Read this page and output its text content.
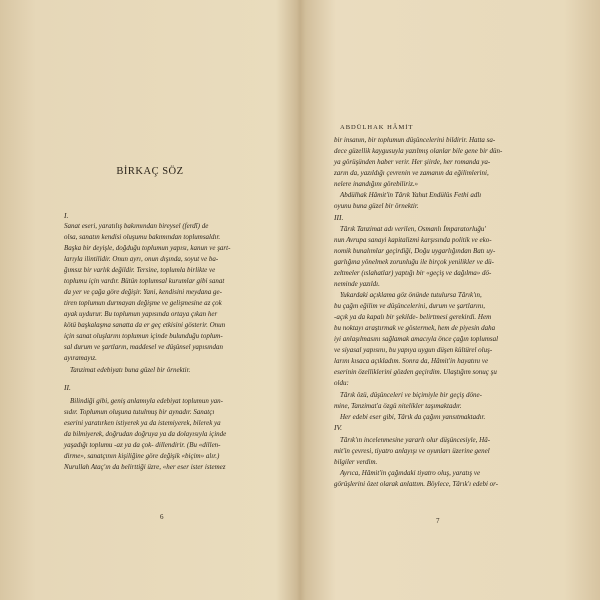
BİRKAÇ SÖZ
I.
Sanat eseri, yaratılış bakımından bireysel (ferdî) de
olsa, sanatın kendisi oluşumu bakımından toplumsaldır.
Başka bir deyişle, doğduğu toplumun yapısı, kanun ve şart-
larıyla ilintilidir. Onun ayrı, onun dışında, soyut ve ba-
ğımsız bir varlık değildir. Tersine, toplumla birlikte ve
toplumu için vardır. Bütün toplumsal kurumlar gibi sanat
da yer ve çağa göre değişir. Yani, kendisini meydana ge-
tiren toplumun durmayan değişme ve gelişmesine az çok
ayak uydurur. Bu toplumun yapısında ortaya çıkan her
kötü başkalaşma sanatta da er geç etkisini gösterir. Onun
için sanat oluşlarını toplumun içinde bulunduğu toplum-
sal durum ve şartların, maddesel ve düşünsel yapısından
ayıramayız.
Tanzimat edebiyatı buna güzel bir örnektir.
II.
Bilindiği gibi, geniş anlamıyla edebiyat toplumun yan-
sıdır. Toplumun oluşuna tutulmuş bir aynadır. Sanatçı
eserini yaratırken istiyerek ya da istemiyerek, bilerek ya
da bilmiyerek, doğrudan doğruya ya da dolayısıyla içinde
yaşadığı toplumu -az ya da çok- dillendirir. (Bu «dillen-
dirme», sanatçının kişiliğine göre değişik «biçim» alır.)
Nurullah Ataç'ın da belirttiği üzre, «her eser ister istemez
6
ABDÜLHAK HÂMİT
bir insanın, bir toplumun düşüncelerini bildirir. Hatta sa-
dece güzellik kaygusuyla yazılmış olanlar bile gene bir dün-
ya görüşünden haber verir. Her şiirde, her romanda ya-
zarın da, yazıldığı çevrenin ve zamanın da eğilimlerini,
nelere inandığını görebiliriz.»
Abdülhak Hâmit'in Târık Yahut Endülüs Fethi adlı
oyunu buna güzel bir örnektir.
III.
Târık Tanzimat adı verilen, Osmanlı İmparatorluğu'
nun Avrupa sanayi kapitalizmi karşısında politik ve eko-
nomik bunalımlar geçirdiği, Doğu uygarlığından Batı uy-
garlığına yönelmek zorunluğu ile birçok yenilikler ve dü-
zeltmeler (ıslahatlar) yaptığı bir «geçiş ve dağılma» dö-
neminde yazıldı.
Yukardaki açıklama göz önünde tutulursa Târık'ın,
bu çağın eğilim ve düşüncelerini, durum ve şartlarını,
-açık ya da kapalı bir şekilde- belirtmesi gerekirdi. Hem
bu noktayı araştırmak ve göstermek, hem de piyesin daha
iyi anlaşılmasını sağlamak amacıyla önce çağın toplumsal
ve siyasal yapısını, bu yapıya uygun düşen kültürel oluş-
larını kısaca açıkladım. Sonra da, Hâmit'in hayatını ve
eserinin özelliklerini gözden geçirdim. Ulaştığım sonuç şu
oldu:
Târık özü, düşünceleri ve biçimiyle bir geçiş döne-
mine, Tanzimat'a özgü nitelikler taşımaktadır.
Her edebi eser gibi, Târık da çağını yansıtmaktadır.
IV.
Târık'ın incelenmesine yararlı olur düşüncesiyle, Hâ-
mit'in çevresi, tiyatro anlayışı ve oyunları üzerine genel
bilgiler verdim.
Ayrıca, Hâmit'in çağındaki tiyatro oluş, yaratış ve
görüşlerini özet olarak anlattım. Böylece, Târık'ı edebi or-
7
